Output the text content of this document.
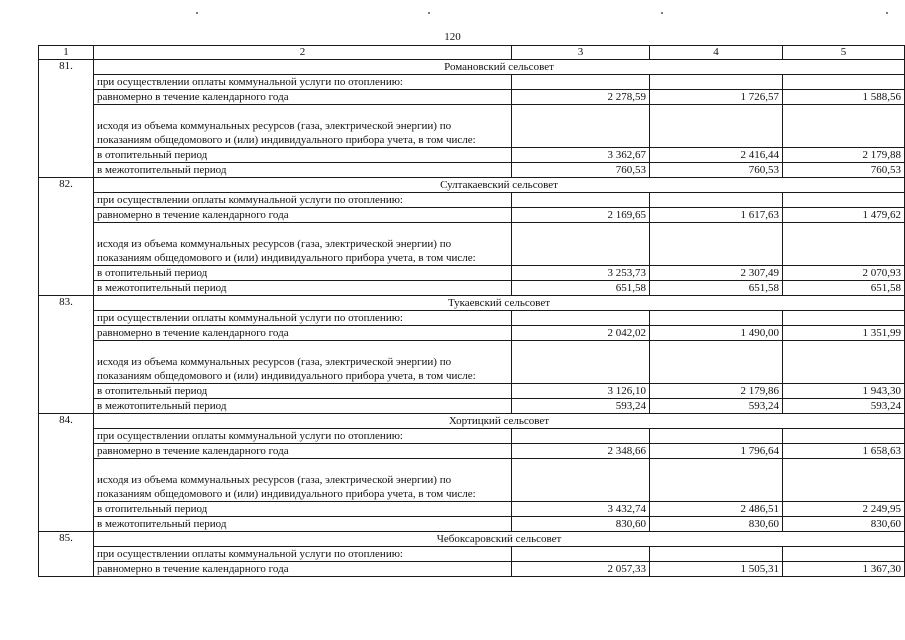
120
1	2	3	4	5
81.	Романовский сельсовет			
	при осуществлении оплаты коммунальной услуги по отоплению:			
	равномерно в течение календарного года	2 278,59	1 726,57	1 588,56
	исходя из объема коммунальных ресурсов (газа, электрической энергии) по показаниям общедомового и (или) индивидуального прибора учета, в том числе:			
	в отопительный период	3 362,67	2 416,44	2 179,88
	в межотопительный период	760,53	760,53	760,53
82.	Султакаевский сельсовет			
	при осуществлении оплаты коммунальной услуги по отоплению:			
	равномерно в течение календарного года	2 169,65	1 617,63	1 479,62
	исходя из объема коммунальных ресурсов (газа, электрической энергии) по показаниям общедомового и (или) индивидуального прибора учета, в том числе:			
	в отопительный период	3 253,73	2 307,49	2 070,93
	в межотопительный период	651,58	651,58	651,58
83.	Тукаевский сельсовет			
	при осуществлении оплаты коммунальной услуги по отоплению:			
	равномерно в течение календарного года	2 042,02	1 490,00	1 351,99
	исходя из объема коммунальных ресурсов (газа, электрической энергии) по показаниям общедомового и (или) индивидуального прибора учета, в том числе:			
	в отопительный период	3 126,10	2 179,86	1 943,30
	в межотопительный период	593,24	593,24	593,24
84.	Хортицкий сельсовет			
	при осуществлении оплаты коммунальной услуги по отоплению:			
	равномерно в течение календарного года	2 348,66	1 796,64	1 658,63
	исходя из объема коммунальных ресурсов (газа, электрической энергии) по показаниям общедомового и (или) индивидуального прибора учета, в том числе:			
	в отопительный период	3 432,74	2 486,51	2 249,95
	в межотопительный период	830,60	830,60	830,60
85.	Чебоксаровский сельсовет			
	при осуществлении оплаты коммунальной услуги по отоплению:			
	равномерно в течение календарного года	2 057,33	1 505,31	1 367,30
